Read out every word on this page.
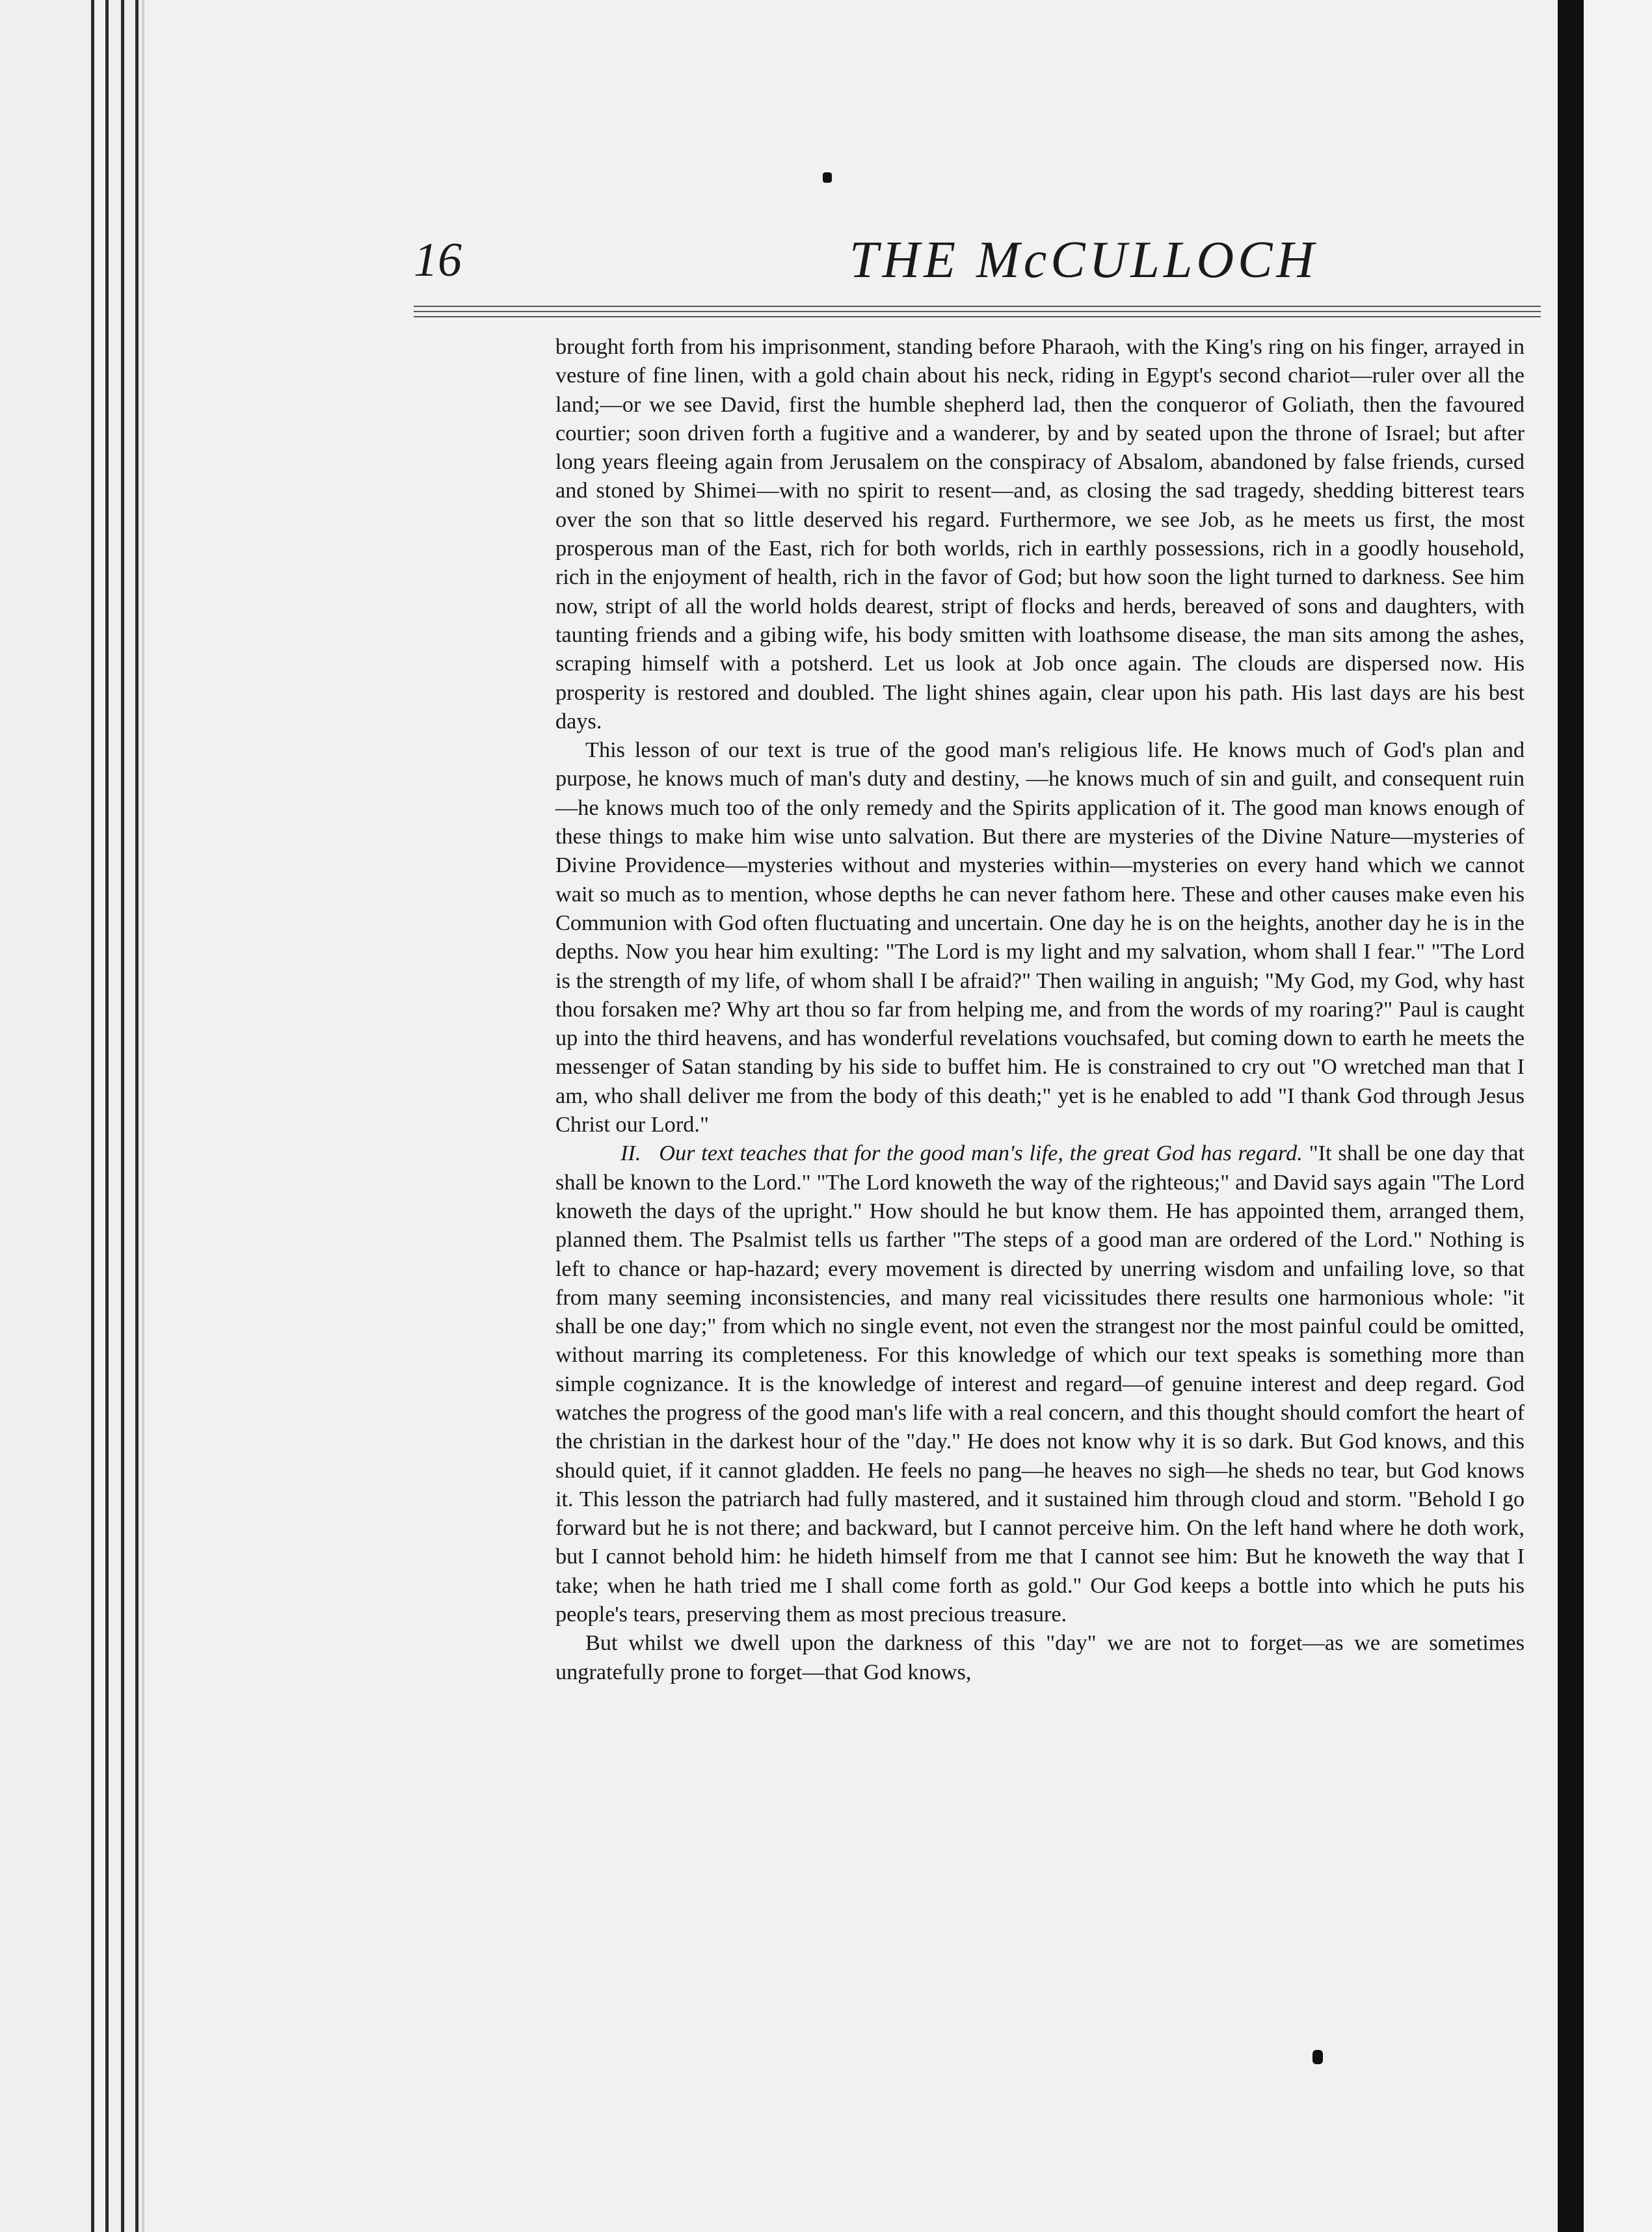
16	THE McCULLOCH

brought forth from his imprisonment, standing before Pharaoh, with the King's ring on his finger, arrayed in vesture of fine linen, with a gold chain about his neck, riding in Egypt's second chariot—ruler over all the land;—or we see David, first the humble shepherd lad, then the conqueror of Goliath, then the favoured courtier; soon driven forth a fugitive and a wanderer, by and by seated upon the throne of Israel; but after long years fleeing again from Jerusalem on the conspiracy of Absalom, abandoned by false friends, cursed and stoned by Shimei—with no spirit to resent—and, as closing the sad tragedy, shedding bitterest tears over the son that so little deserved his regard. Furthermore, we see Job, as he meets us first, the most prosperous man of the East, rich for both worlds, rich in earthly possessions, rich in a goodly household, rich in the enjoyment of health, rich in the favor of God; but how soon the light turned to darkness. See him now, stript of all the world holds dearest, stript of flocks and herds, bereaved of sons and daughters, with taunting friends and a gibing wife, his body smitten with loathsome disease, the man sits among the ashes, scraping himself with a potsherd. Let us look at Job once again. The clouds are dispersed now. His prosperity is restored and doubled. The light shines again, clear upon his path. His last days are his best days.

This lesson of our text is true of the good man's religious life. He knows much of God's plan and purpose, he knows much of man's duty and destiny, —he knows much of sin and guilt, and consequent ruin—he knows much too of the only remedy and the Spirits application of it. The good man knows enough of these things to make him wise unto salvation. But there are mysteries of the Divine Nature—mysteries of Divine Providence—mysteries without and mysteries within—mysteries on every hand which we cannot wait so much as to mention, whose depths he can never fathom here. These and other causes make even his Communion with God often fluctuating and uncertain. One day he is on the heights, another day he is in the depths. Now you hear him exulting: "The Lord is my light and my salvation, whom shall I fear." "The Lord is the strength of my life, of whom shall I be afraid?" Then wailing in anguish; "My God, my God, why hast thou forsaken me? Why art thou so far from helping me, and from the words of my roaring?" Paul is caught up into the third heavens, and has wonderful revelations vouchsafed, but coming down to earth he meets the messenger of Satan standing by his side to buffet him. He is constrained to cry out "O wretched man that I am, who shall deliver me from the body of this death;" yet is he enabled to add "I thank God through Jesus Christ our Lord."

II. Our text teaches that for the good man's life, the great God has regard. "It shall be one day that shall be known to the Lord." "The Lord knoweth the way of the righteous;" and David says again "The Lord knoweth the days of the upright." How should he but know them. He has appointed them, arranged them, planned them. The Psalmist tells us farther "The steps of a good man are ordered of the Lord." Nothing is left to chance or hap-hazard; every movement is directed by unerring wisdom and unfailing love, so that from many seeming inconsistencies, and many real vicissitudes there results one harmonious whole: "it shall be one day;" from which no single event, not even the strangest nor the most painful could be omitted, without marring its completeness. For this knowledge of which our text speaks is something more than simple cognizance. It is the knowledge of interest and regard—of genuine interest and deep regard. God watches the progress of the good man's life with a real concern, and this thought should comfort the heart of the christian in the darkest hour of the "day." He does not know why it is so dark. But God knows, and this should quiet, if it cannot gladden. He feels no pang—he heaves no sigh—he sheds no tear, but God knows it. This lesson the patriarch had fully mastered, and it sustained him through cloud and storm. "Behold I go forward but he is not there; and backward, but I cannot perceive him. On the left hand where he doth work, but I cannot behold him: he hideth himself from me that I cannot see him: But he knoweth the way that I take; when he hath tried me I shall come forth as gold." Our God keeps a bottle into which he puts his people's tears, preserving them as most precious treasure.

But whilst we dwell upon the darkness of this "day" we are not to forget—as we are sometimes ungratefully prone to forget—that God knows,
